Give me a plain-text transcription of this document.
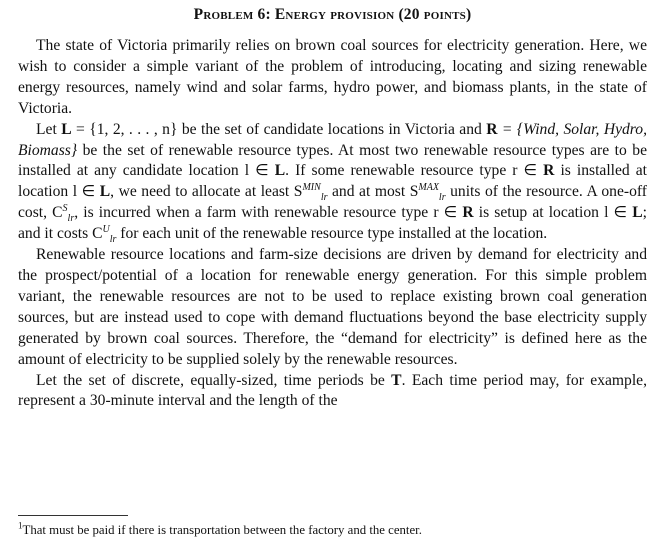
Problem 6: Energy provision (20 points)

The state of Victoria primarily relies on brown coal sources for electricity generation. Here, we wish to consider a simple variant of the problem of introducing, locating and sizing renewable energy resources, namely wind and solar farms, hydro power, and biomass plants, in the state of Victoria.

Let L = {1, 2, . . . , n} be the set of candidate locations in Victoria and R = {Wind, Solar, Hydro, Biomass} be the set of renewable resource types. At most two renewable resource types are to be installed at any candidate location l ∈ L. If some renewable resource type r ∈ R is installed at location l ∈ L, we need to allocate at least $S^{MIN}_{lr}$ and at most $S^{MAX}_{lr}$ units of the resource. A one-off cost, $C^S_{lr}$, is incurred when a farm with renewable resource type r ∈ R is setup at location l ∈ L; and it costs $C^U_{lr}$ for each unit of the renewable resource type installed at the location.

Renewable resource locations and farm-size decisions are driven by demand for electricity and the prospect/potential of a location for renewable energy generation. For this simple problem variant, the renewable resources are not to be used to replace existing brown coal generation sources, but are instead used to cope with demand fluctuations beyond the base electricity supply generated by brown coal sources. Therefore, the “demand for electricity” is defined here as the amount of electricity to be supplied solely by the renewable resources.

Let the set of discrete, equally-sized, time periods be T. Each time period may, for example, represent a 30-minute interval and the length of the

$^1$That must be paid if there is transportation between the factory and the center.
